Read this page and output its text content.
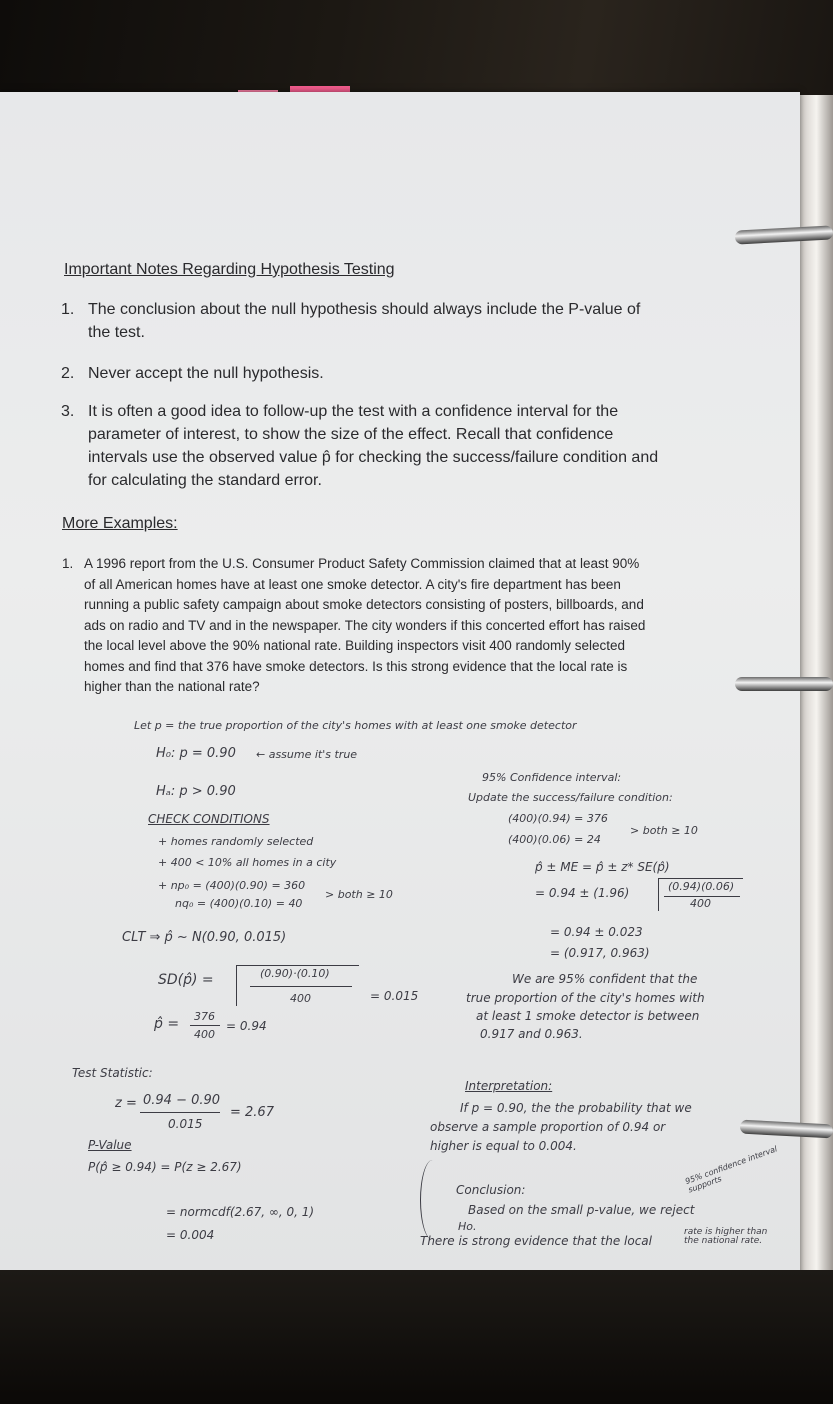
Important Notes Regarding Hypothesis Testing
1. The conclusion about the null hypothesis should always include the P-value of the test.
2. Never accept the null hypothesis.
3. It is often a good idea to follow-up the test with a confidence interval for the parameter of interest, to show the size of the effect. Recall that confidence intervals use the observed value p̂ for checking the success/failure condition and for calculating the standard error.
More Examples:
1. A 1996 report from the U.S. Consumer Product Safety Commission claimed that at least 90% of all American homes have at least one smoke detector. A city's fire department has been running a public safety campaign about smoke detectors consisting of posters, billboards, and ads on radio and TV and in the newspaper. The city wonders if this concerted effort has raised the local level above the 90% national rate. Building inspectors visit 400 randomly selected homes and find that 376 have smoke detectors. Is this strong evidence that the local rate is higher than the national rate?
Let p = the true proportion of the city's homes with at least one smoke detector
H₀: p = 0.90 ← assume it's true
Hₐ: p > 0.90
CHECK CONDITIONS
+ homes randomly selected
+ 400 < 10% all homes in a city
+ np₀ = (400)(0.90) = 360
nq₀ = (400)(0.10) = 40
> both ≥ 10
CLT ⇒ p̂ ~ N(0.90, 0.015)
SD(p̂) =	(0.90)·(0.10)
400	= 0.015
p̂ = 376
400
= 0.94
Test Statistic:
z = 0.94 − 0.90
0.015
= 2.67
P-Value
P(p̂ ≥ 0.94) = P(z ≥ 2.67)
= normcdf(2.67, ∞, 0, 1)
= 0.004
95% Confidence interval:
Update the success/failure condition:
(400)(0.94) = 376
(400)(0.06) = 24
> both ≥ 10
p̂ ± ME = p̂ ± z* SE(p̂)
= 0.94 ± (1.96)	(0.94)(0.06)
400
= 0.94 ± 0.023
= (0.917, 0.963)
We are 95% confident that the
true proportion of the city's homes with
at least 1 smoke detector is between
0.917 and 0.963.
Interpretation:
If p = 0.90, the the probability that we
observe a sample proportion of 0.94 or
higher is equal to 0.004.	95% confidence interval supports
Conclusion:
Based on the small p-value, we reject
Ho.
There is strong evidence that the local
rate is higher than the national rate.
